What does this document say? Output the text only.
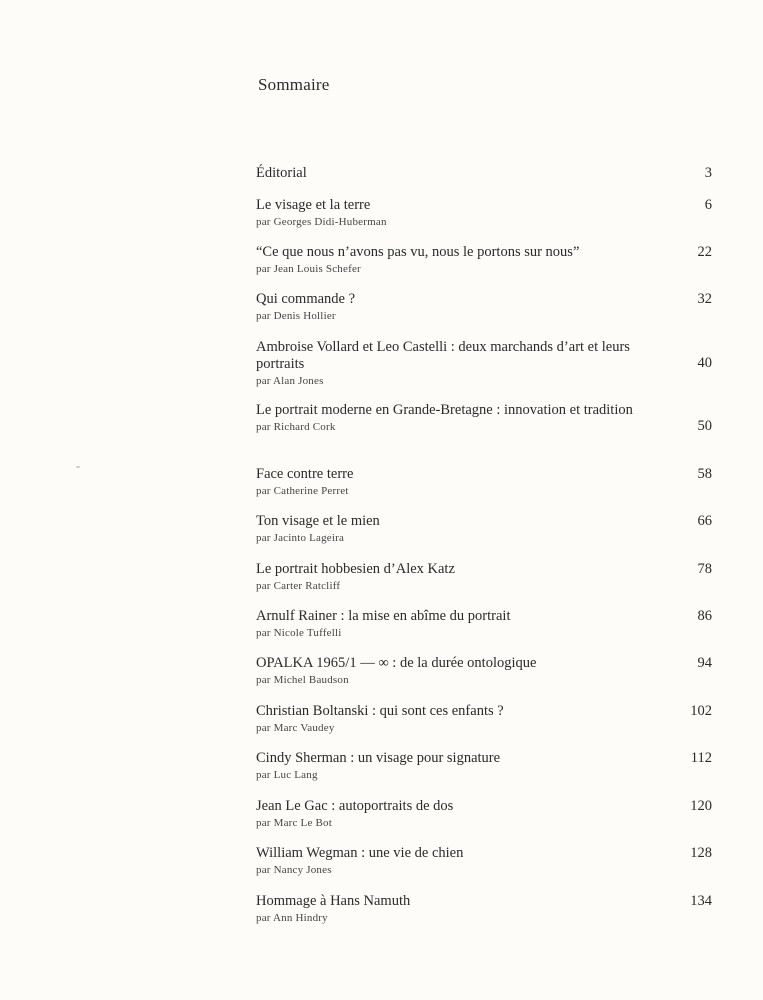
Sommaire
Éditorial	3
Le visage et la terre
par Georges Didi-Huberman
6
“Ce que nous n’avons pas vu, nous le portons sur nous”
par Jean Louis Schefer
22
Qui commande ?
par Denis Hollier
32
Ambroise Vollard et Leo Castelli : deux marchands d’art et leurs portraits
par Alan Jones
40
Le portrait moderne en Grande-Bretagne : innovation et tradition
par Richard Cork	50
Face contre terre
par Catherine Perret
58
Ton visage et le mien
par Jacinto Lageira
66
Le portrait hobbesien d’Alex Katz
par Carter Ratcliff
78
Arnulf Rainer : la mise en abîme du portrait
par Nicole Tuffelli
86
OPALKA 1965/1 — ∞ : de la durée ontologique
par Michel Baudson
94
Christian Boltanski : qui sont ces enfants ?
par Marc Vaudey
102
Cindy Sherman : un visage pour signature
par Luc Lang
112
Jean Le Gac : autoportraits de dos
par Marc Le Bot
120
William Wegman : une vie de chien
par Nancy Jones
128
Hommage à Hans Namuth
par Ann Hindry
134
